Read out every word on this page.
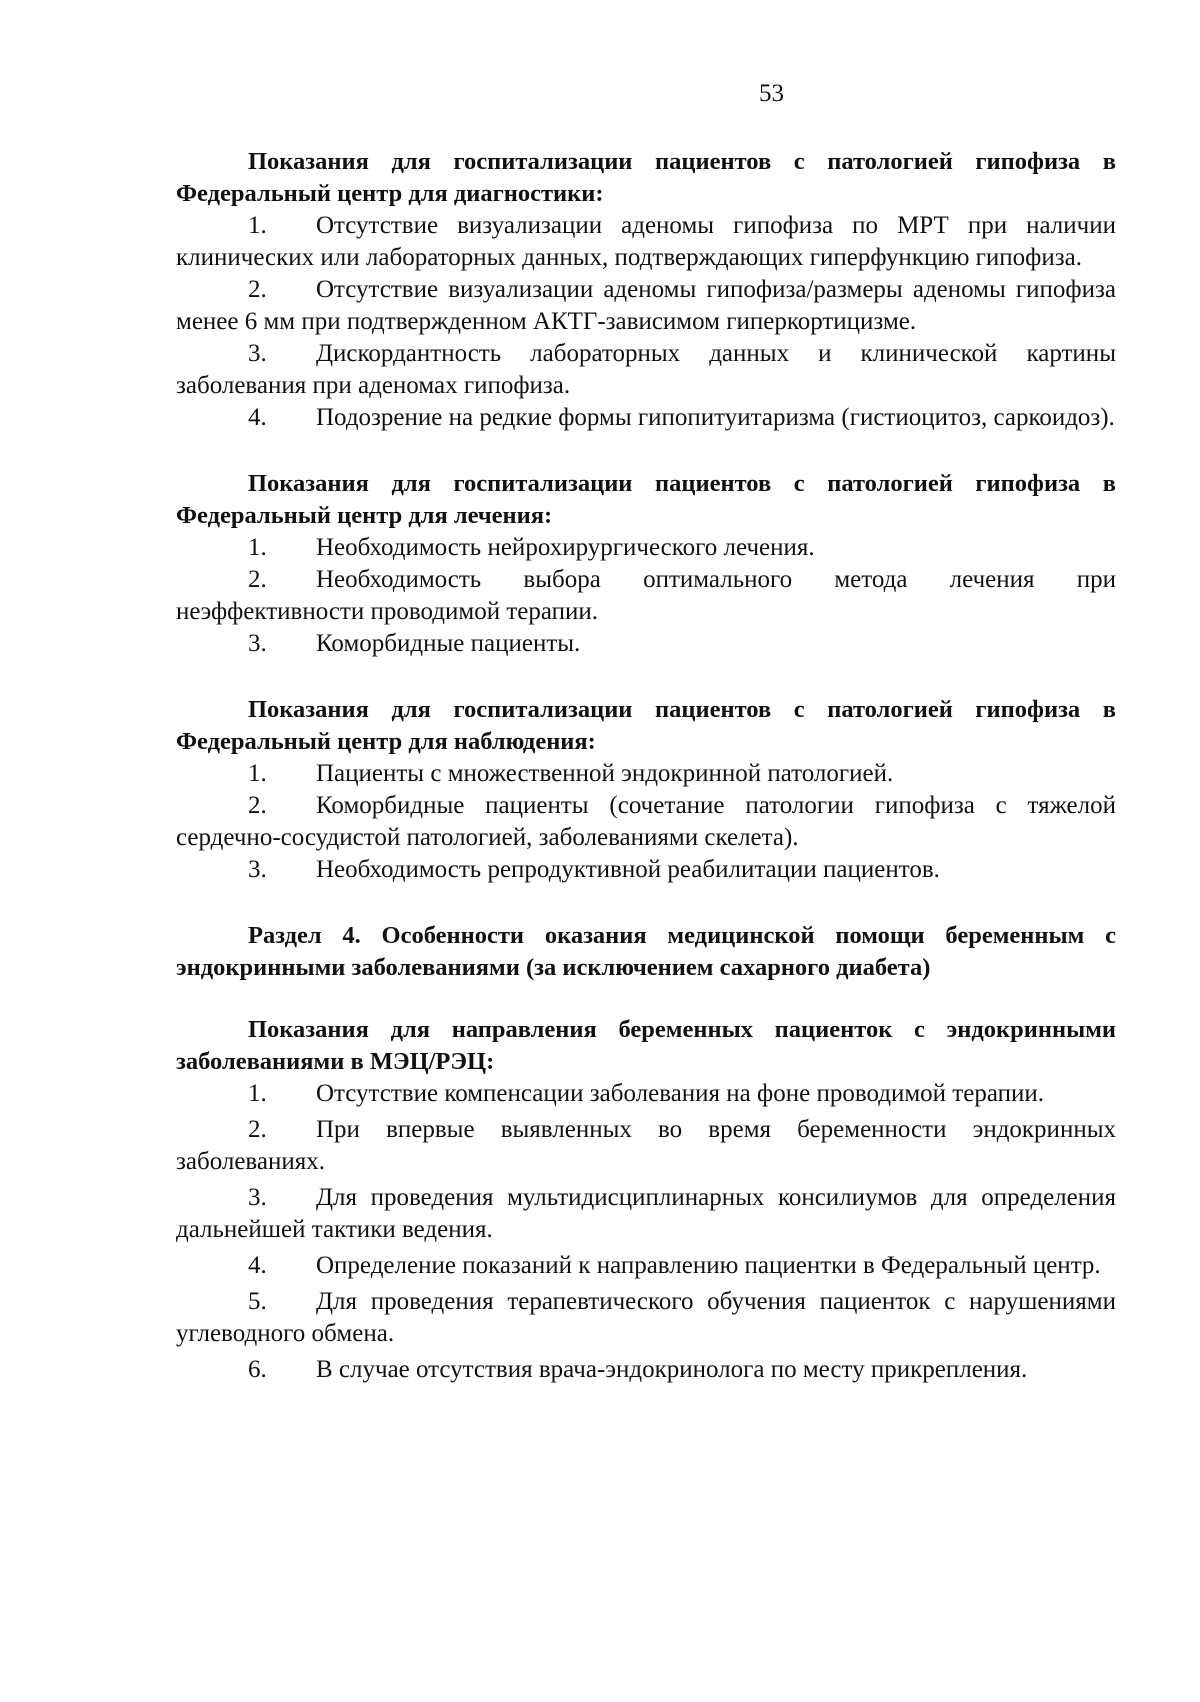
53

Показания для госпитализации пациентов с патологией гипофиза в Федеральный центр для диагностики:

1. Отсутствие визуализации аденомы гипофиза по МРТ при наличии клинических или лабораторных данных, подтверждающих гиперфункцию гипофиза.

2. Отсутствие визуализации аденомы гипофиза/размеры аденомы гипофиза менее 6 мм при подтвержденном АКТГ-зависимом гиперкортицизме.

3. Дискордантность лабораторных данных и клинической картины заболевания при аденомах гипофиза.

4. Подозрение на редкие формы гипопитуитаризма (гистиоцитоз, саркоидоз).

Показания для госпитализации пациентов с патологией гипофиза в Федеральный центр для лечения:

1. Необходимость нейрохирургического лечения.

2. Необходимость выбора оптимального метода лечения при неэффективности проводимой терапии.

3. Коморбидные пациенты.

Показания для госпитализации пациентов с патологией гипофиза в Федеральный центр для наблюдения:

1. Пациенты с множественной эндокринной патологией.

2. Коморбидные пациенты (сочетание патологии гипофиза с тяжелой сердечно-сосудистой патологией, заболеваниями скелета).

3. Необходимость репродуктивной реабилитации пациентов.

Раздел 4. Особенности оказания медицинской помощи беременным с эндокринными заболеваниями (за исключением сахарного диабета)

Показания для направления беременных пациенток с эндокринными заболеваниями в МЭЦ/РЭЦ:

1. Отсутствие компенсации заболевания на фоне проводимой терапии.

2. При впервые выявленных во время беременности эндокринных заболеваниях.

3. Для проведения мультидисциплинарных консилиумов для определения дальнейшей тактики ведения.

4. Определение показаний к направлению пациентки в Федеральный центр.

5. Для проведения терапевтического обучения пациенток с нарушениями углеводного обмена.

6. В случае отсутствия врача-эндокринолога по месту прикрепления.
